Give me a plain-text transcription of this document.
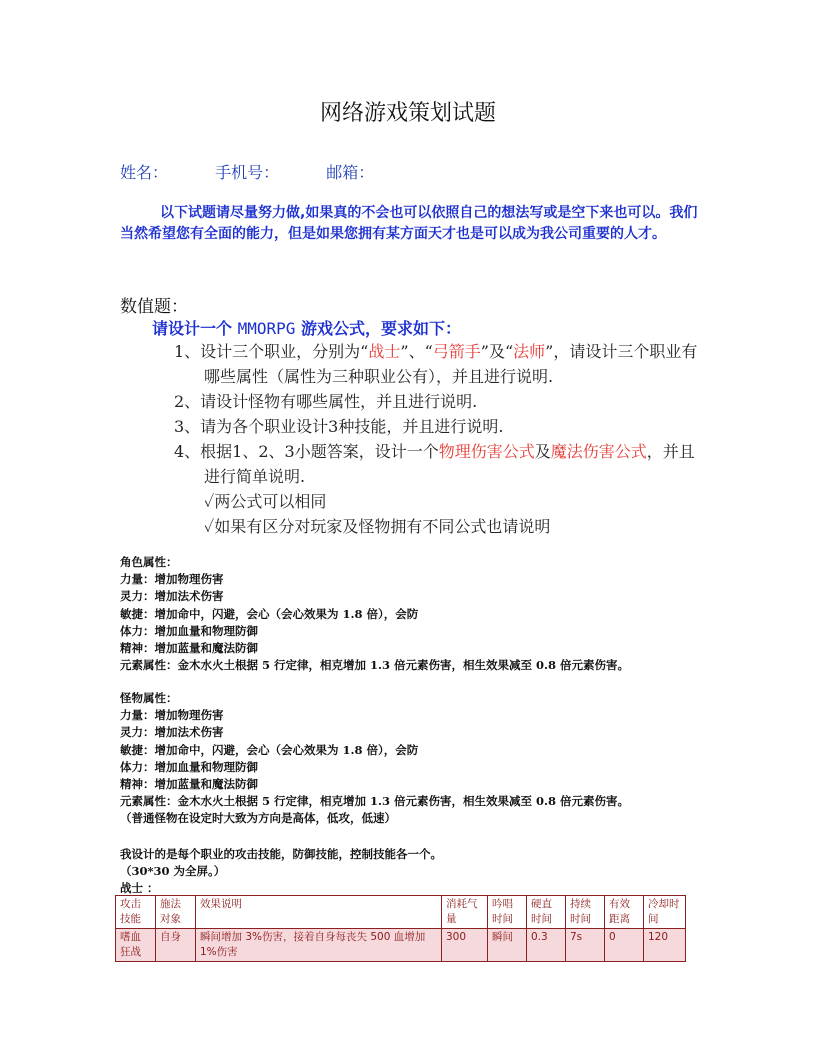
网络游戏策划试题
姓名：	手机号：	邮箱：
以下试题请尽量努力做,如果真的不会也可以依照自己的想法写或是空下来也可以。我们当然希望您有全面的能力，但是如果您拥有某方面天才也是可以成为我公司重要的人才。
数值题：
请设计一个 MMORPG 游戏公式，要求如下：
1、设计三个职业，分别为“战士”、“弓箭手”及“法师”，请设计三个职业有哪些属性（属性为三种职业公有），并且进行说明.
2、请设计怪物有哪些属性，并且进行说明.
3、请为各个职业设计3种技能，并且进行说明.
4、根据1、2、3小题答案，设计一个物理伤害公式及魔法伤害公式，并且进行简单说明.
✓两公式可以相同
✓如果有区分对玩家及怪物拥有不同公式也请说明
角色属性：
力量：增加物理伤害
灵力：增加法术伤害
敏捷：增加命中，闪避，会心（会心效果为 1.8 倍），会防
体力：增加血量和物理防御
精神：增加蓝量和魔法防御
元素属性：金木水火土根据 5 行定律，相克增加 1.3 倍元素伤害，相生效果减至 0.8 倍元素伤害。
怪物属性：
力量：增加物理伤害
灵力：增加法术伤害
敏捷：增加命中，闪避，会心（会心效果为 1.8 倍），会防
体力：增加血量和物理防御
精神：增加蓝量和魔法防御
元素属性：金木水火土根据 5 行定律，相克增加 1.3 倍元素伤害，相生效果减至 0.8 倍元素伤害。
（普通怪物在设定时大致为方向是高体，低攻，低速）
我设计的是每个职业的攻击技能，防御技能，控制技能各一个。
（30*30 为全屏。）
战士 ：
攻击技能	施法对象	效果说明	消耗气量	吟唱时间	硬直时间	持续时间	有效距离	冷却时间
嗜血狂战	自身	瞬间增加 3%伤害，接着自身每丧失 500 血增加 1%伤害	300	瞬间	0.3	7s	0	120
